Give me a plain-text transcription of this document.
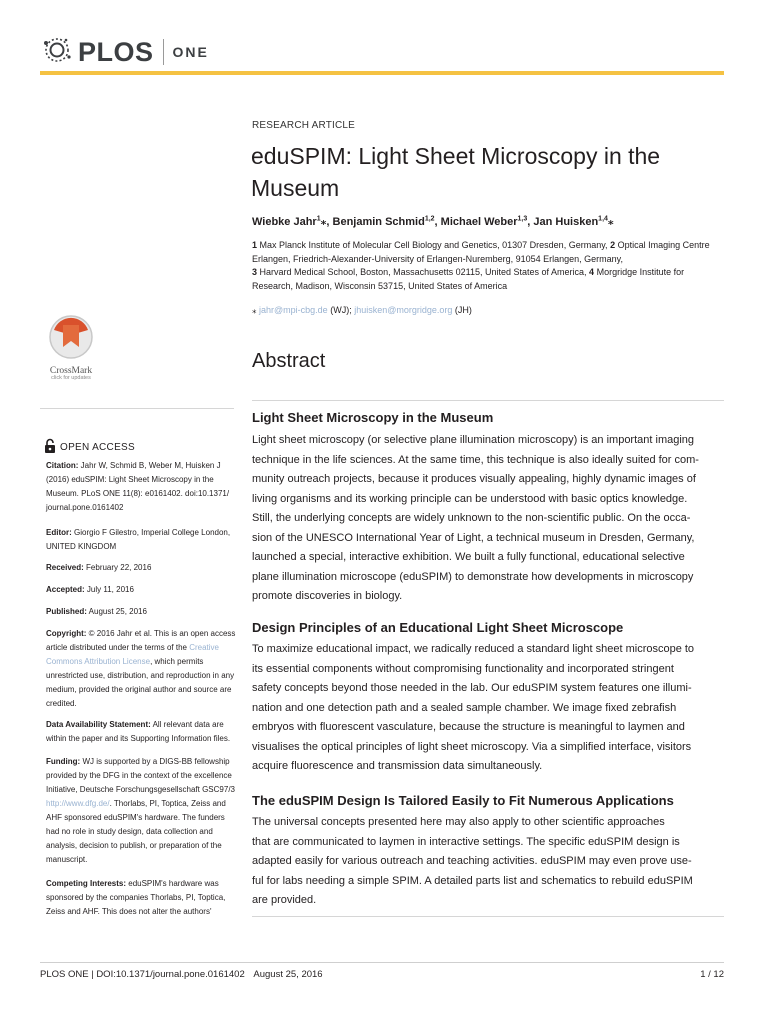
PLOS ONE
RESEARCH ARTICLE
eduSPIM: Light Sheet Microscopy in the Museum
Wiebke Jahr$^1$⁎, Benjamin Schmid$^{1,2}$, Michael Weber$^{1,3}$, Jan Huisken$^{1,4}$⁎
1 Max Planck Institute of Molecular Cell Biology and Genetics, 01307 Dresden, Germany, 2 Optical Imaging Centre Erlangen, Friedrich-Alexander-University of Erlangen-Nuremberg, 91054 Erlangen, Germany,
3 Harvard Medical School, Boston, Massachusetts 02115, United States of America, 4 Morgridge Institute for Research, Madison, Wisconsin 53715, United States of America
⁎ jahr@mpi-cbg.de (WJ); jhuisken@morgridge.org (JH)
CrossMark
click for updates
Abstract
Light Sheet Microscopy in the Museum
Light sheet microscopy (or selective plane illumination microscopy) is an important imaging
technique in the life sciences. At the same time, this technique is also ideally suited for com-
munity outreach projects, because it produces visually appealing, highly dynamic images of
living organisms and its working principle can be understood with basic optics knowledge.
Still, the underlying concepts are widely unknown to the non-scientific public. On the occa-
sion of the UNESCO International Year of Light, a technical museum in Dresden, Germany,
launched a special, interactive exhibition. We built a fully functional, educational selective
plane illumination microscope (eduSPIM) to demonstrate how developments in microscopy
promote discoveries in biology.
Design Principles of an Educational Light Sheet Microscope
To maximize educational impact, we radically reduced a standard light sheet microscope to
its essential components without compromising functionality and incorporated stringent
safety concepts beyond those needed in the lab. Our eduSPIM system features one illumi-
nation and one detection path and a sealed sample chamber. We image fixed zebrafish
embryos with fluorescent vasculature, because the structure is meaningful to laymen and
visualises the optical principles of light sheet microscopy. Via a simplified interface, visitors
acquire fluorescence and transmission data simultaneously.
The eduSPIM Design Is Tailored Easily to Fit Numerous Applications
The universal concepts presented here may also apply to other scientific approaches
that are communicated to laymen in interactive settings. The specific eduSPIM design is
adapted easily for various outreach and teaching activities. eduSPIM may even prove use-
ful for labs needing a simple SPIM. A detailed parts list and schematics to rebuild eduSPIM
are provided.
OPEN ACCESS
Citation: Jahr W, Schmid B, Weber M, Huisken J (2016) eduSPIM: Light Sheet Microscopy in the Museum. PLoS ONE 11(8): e0161402. doi:10.1371/ journal.pone.0161402
Editor: Giorgio F Gilestro, Imperial College London, UNITED KINGDOM
Received: February 22, 2016
Accepted: July 11, 2016
Published: August 25, 2016
Copyright: © 2016 Jahr et al. This is an open access article distributed under the terms of the Creative Commons Attribution License, which permits unrestricted use, distribution, and reproduction in any medium, provided the original author and source are credited.
Data Availability Statement: All relevant data are within the paper and its Supporting Information files.
Funding: WJ is supported by a DIGS-BB fellowship provided by the DFG in the context of the excellence Initiative, Deutsche Forschungsgesellschaft GSC97/3 http://www.dfg.de/. Thorlabs, PI, Toptica, Zeiss and AHF sponsored eduSPIM's hardware. The funders had no role in study design, data collection and analysis, decision to publish, or preparation of the manuscript.
Competing Interests: eduSPIM's hardware was sponsored by the companies Thorlabs, PI, Toptica, Zeiss and AHF. This does not alter the authors'
PLOS ONE | DOI:10.1371/journal.pone.0161402 August 25, 2016	1 / 12
